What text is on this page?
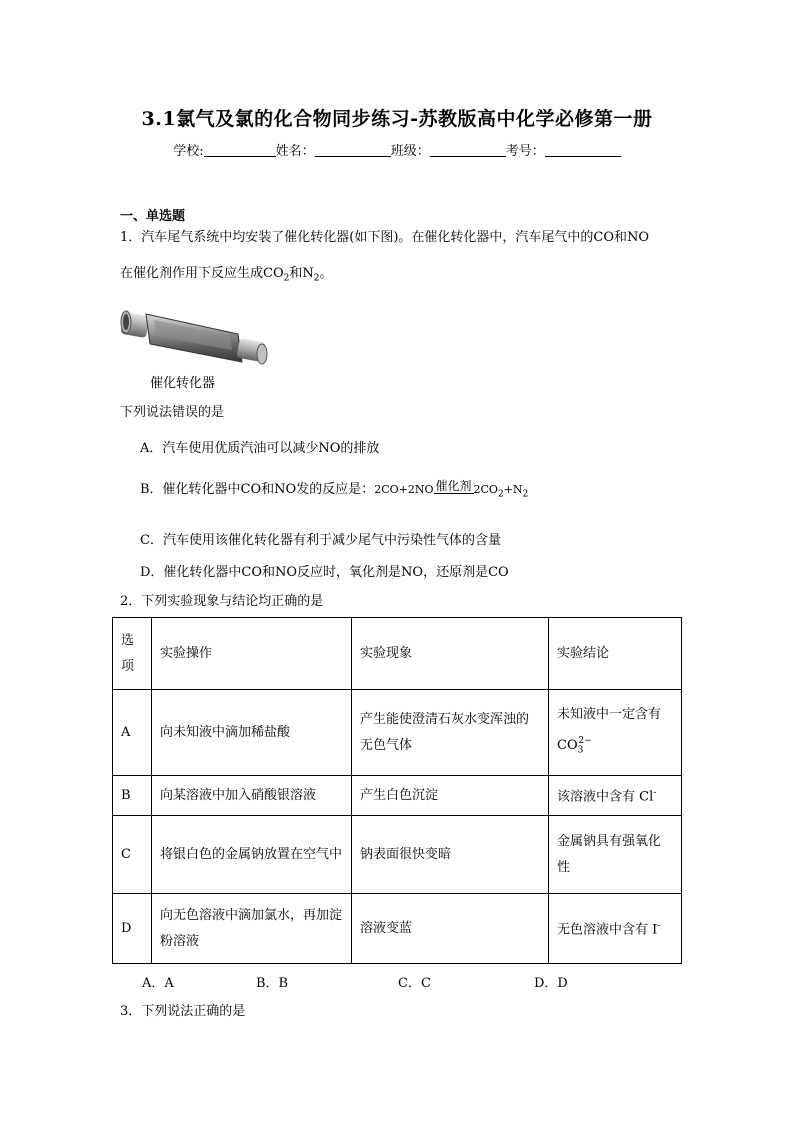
3.1氯气及氯的化合物同步练习-苏教版高中化学必修第一册
学校:	姓名：	班级：	考号：
一、单选题
1．汽车尾气系统中均安装了催化转化器(如下图)。在催化转化器中，汽车尾气中的CO和NO
在催化剂作用下反应生成$CO_2$和$N_2$。
催化转化器
下列说法错误的是
A．汽车使用优质汽油可以减少NO的排放
B．催化转化器中CO和NO发的反应是：2CO+2NO 催化剂 $2CO_2+N_2$
C．汽车使用该催化转化器有利于减少尾气中污染性气体的含量
D．催化转化器中CO和NO反应时，氧化剂是NO，还原剂是CO
2．下列实验现象与结论均正确的是
选项	实验操作	实验现象	实验结论
A	向未知液中滴加稀盐酸	产生能使澄清石灰水变浑浊的无色气体	未知液中一定含有
$CO_3^{2-}$
B	向某溶液中加入硝酸银溶液	产生白色沉淀	该溶液中含有 Cl-
C	将银白色的金属钠放置在空气中	钠表面很快变暗	金属钠具有强氧化性
D	向无色溶液中滴加氯水，再加淀粉溶液	溶液变蓝	无色溶液中含有 I-
A．A	B．B	C．C	D．D
3．下列说法正确的是
